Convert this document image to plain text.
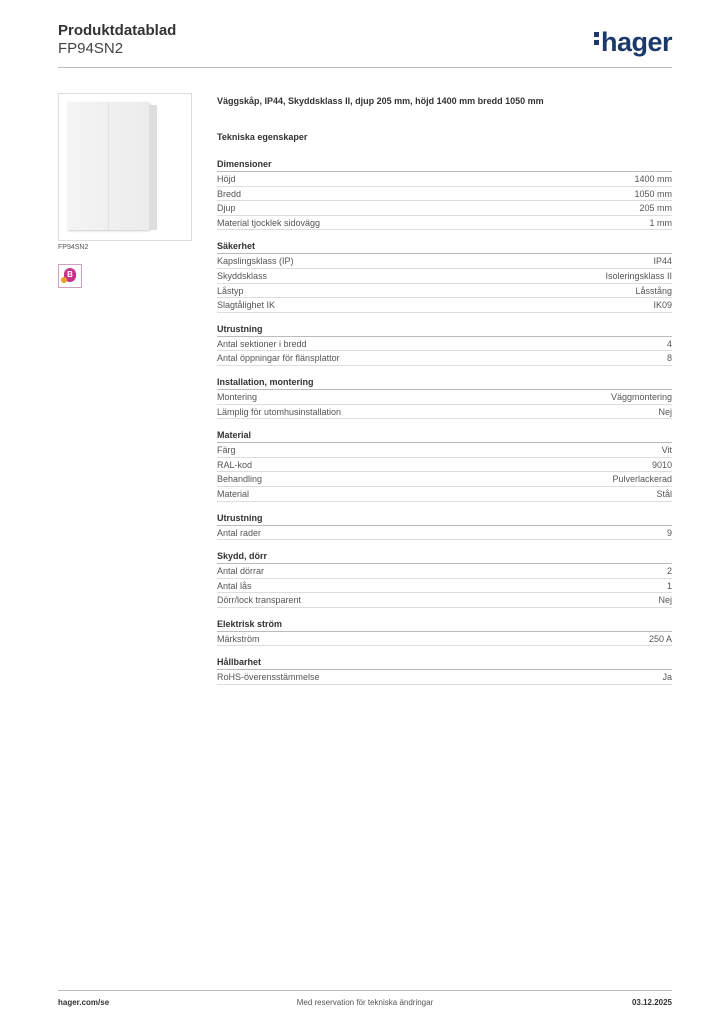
Produktdatablad
FP94SN2	hager
FP94SN2
B
Väggskåp, IP44, Skyddsklass II, djup 205 mm, höjd 1400 mm bredd 1050 mm
Tekniska egenskaper
Dimensioner
Höjd	1400 mm
Bredd	1050 mm
Djup	205 mm
Material tjocklek sidovägg	1 mm
Säkerhet
Kapslingsklass (IP)	IP44
Skyddsklass	Isoleringsklass II
Låstyp	Låsstång
Slagtålighet IK	IK09
Utrustning
Antal sektioner i bredd	4
Antal öppningar för flänsplattor	8
Installation, montering
Montering	Väggmontering
Lämplig för utomhusinstallation	Nej
Material
Färg	Vit
RAL-kod	9010
Behandling	Pulverlackerad
Material	Stål
Utrustning
Antal rader	9
Skydd, dörr
Antal dörrar	2
Antal lås	1
Dörr/lock transparent	Nej
Elektrisk ström
Märkström	250 A
Hållbarhet
RoHS-överensstämmelse	Ja
hager.com/se	Med reservation för tekniska ändringar	03.12.2025
